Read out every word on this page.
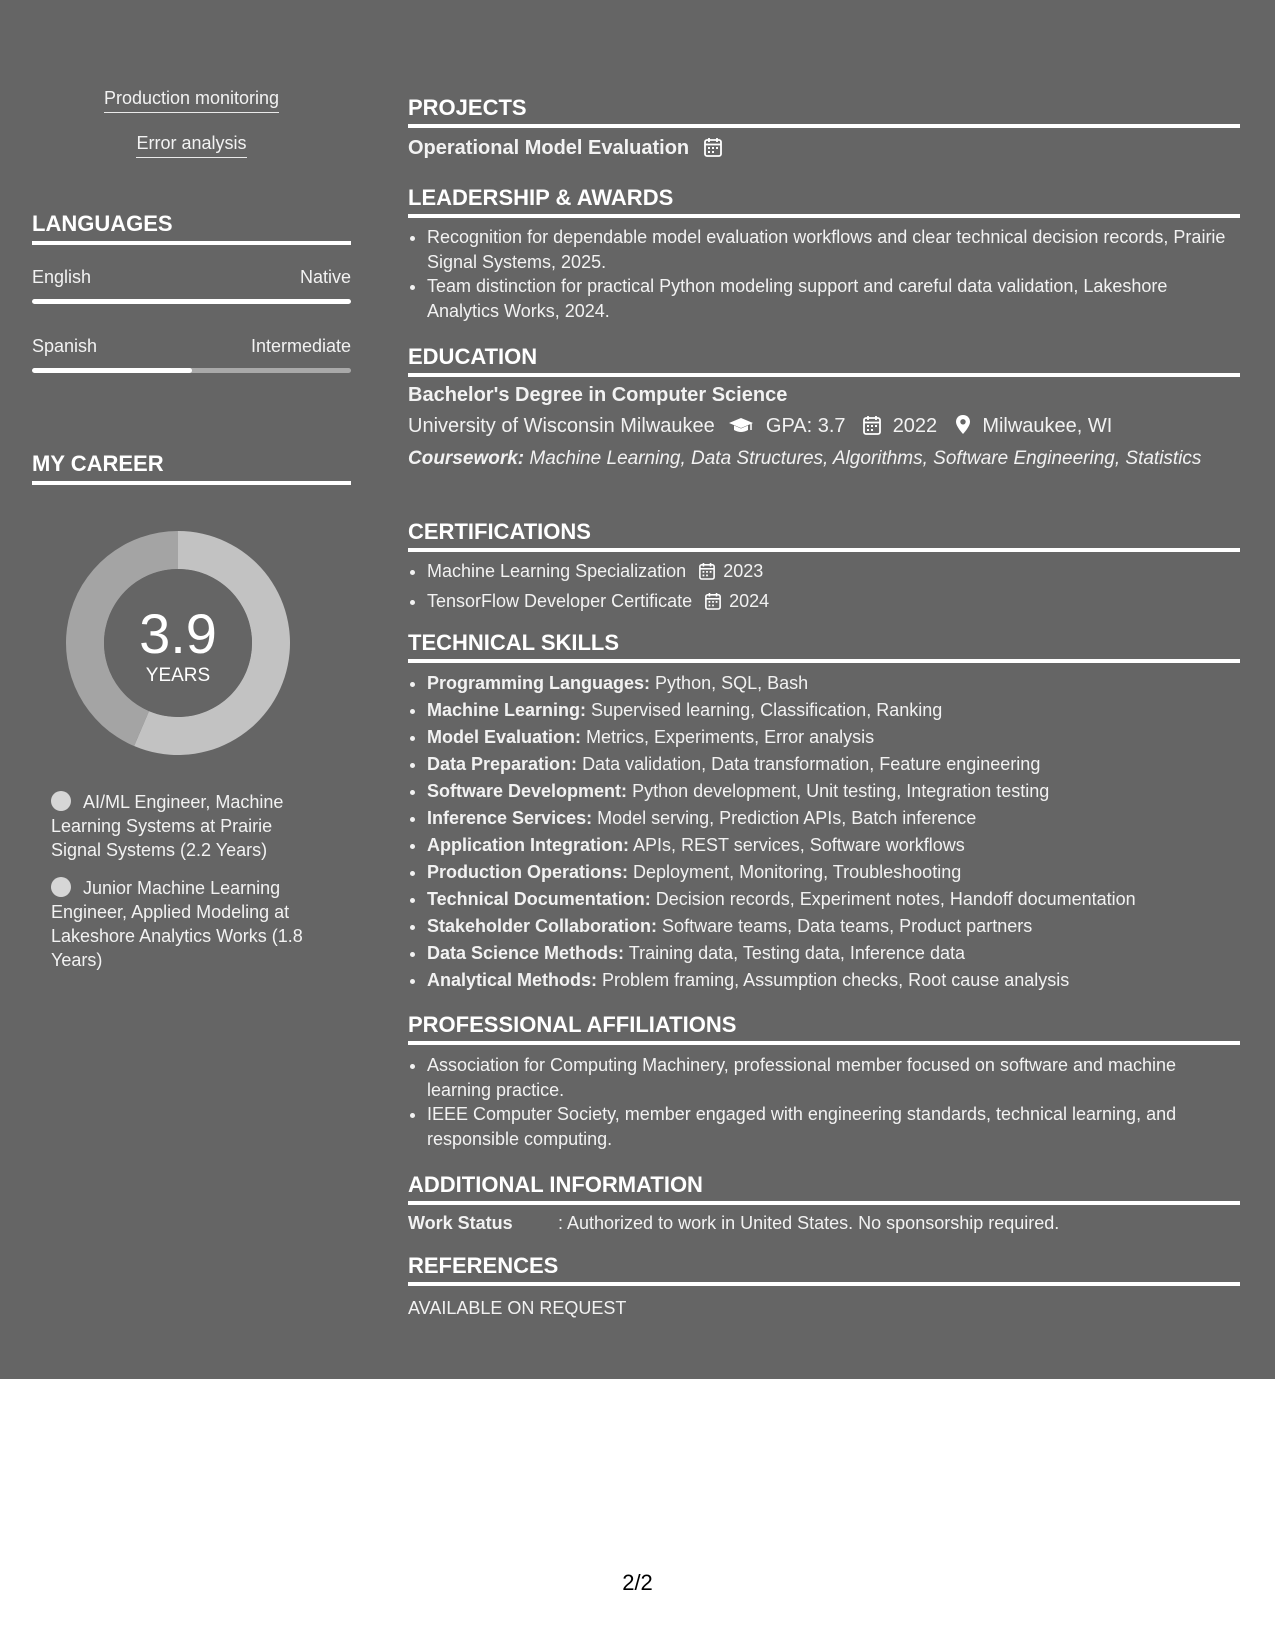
Production monitoring
Error analysis
LANGUAGES
English	Native
Spanish	Intermediate
MY CAREER
3.9
YEARS
AI/ML Engineer, Machine Learning Systems at Prairie Signal Systems (2.2 Years)
Junior Machine Learning Engineer, Applied Modeling at Lakeshore Analytics Works (1.8 Years)
PROJECTS
Operational Model Evaluation
LEADERSHIP & AWARDS
• Recognition for dependable model evaluation workflows and clear technical decision records, Prairie Signal Systems, 2025.
• Team distinction for practical Python modeling support and careful data validation, Lakeshore Analytics Works, 2024.
EDUCATION
Bachelor's Degree in Computer Science
University of Wisconsin Milwaukee	GPA: 3.7 2022 Milwaukee, WI
Coursework: Machine Learning, Data Structures, Algorithms, Software Engineering, Statistics
CERTIFICATIONS
• Machine Learning Specialization 2023
• TensorFlow Developer Certificate 2024
TECHNICAL SKILLS
• Programming Languages: Python, SQL, Bash
• Machine Learning: Supervised learning, Classification, Ranking
• Model Evaluation: Metrics, Experiments, Error analysis
• Data Preparation: Data validation, Data transformation, Feature engineering
• Software Development: Python development, Unit testing, Integration testing
• Inference Services: Model serving, Prediction APIs, Batch inference
• Application Integration: APIs, REST services, Software workflows
• Production Operations: Deployment, Monitoring, Troubleshooting
• Technical Documentation: Decision records, Experiment notes, Handoff documentation
• Stakeholder Collaboration: Software teams, Data teams, Product partners
• Data Science Methods: Training data, Testing data, Inference data
• Analytical Methods: Problem framing, Assumption checks, Root cause analysis
PROFESSIONAL AFFILIATIONS
• Association for Computing Machinery, professional member focused on software and machine learning practice.
• IEEE Computer Society, member engaged with engineering standards, technical learning, and responsible computing.
ADDITIONAL INFORMATION
Work Status	: Authorized to work in United States. No sponsorship required.
REFERENCES
AVAILABLE ON REQUEST
2/2
